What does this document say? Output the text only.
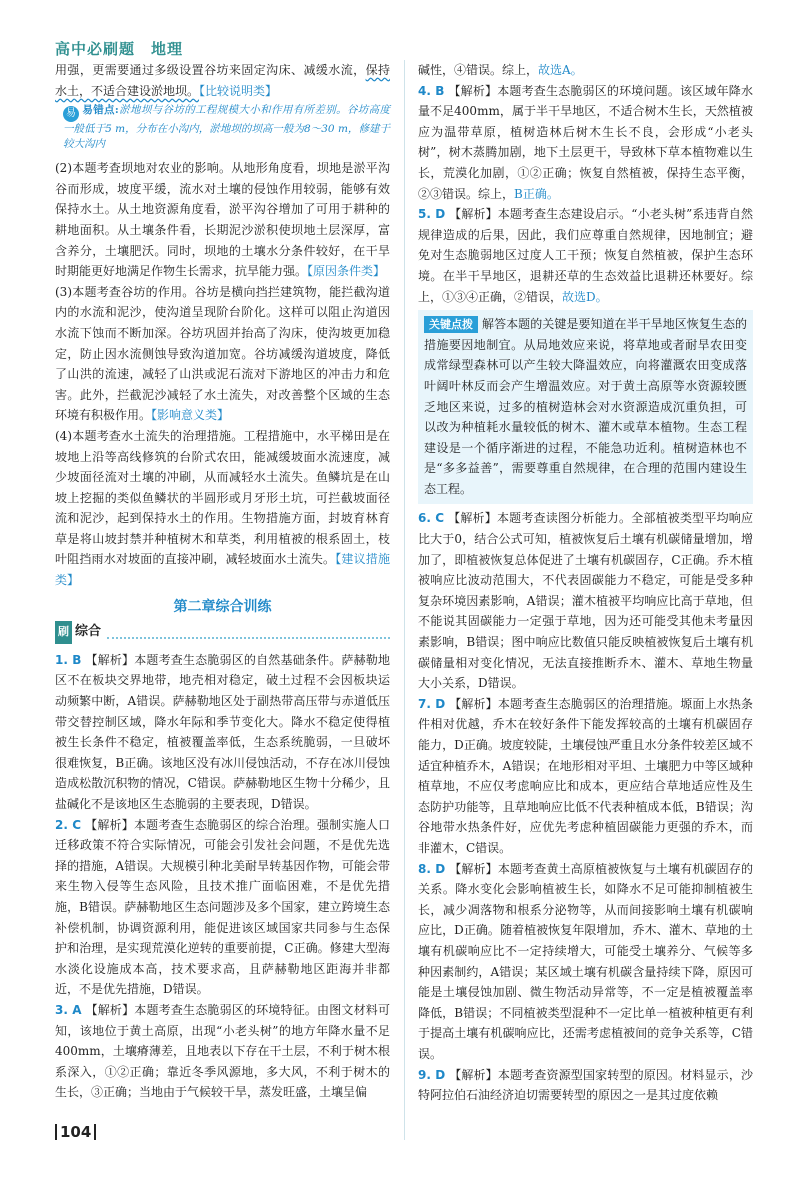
高中必刷题　地理

用强，更需要通过多级设置谷坊来固定沟床、减缓水流，保持水土，不适合建设淤地坝。【比较说明类】

易 易错点:淤地坝与谷坊的工程规模大小和作用有所差别。谷坊高度一般低于5 m，分布在小沟内，淤地坝的坝高一般为8～30 m，修建于较大沟内

(2)本题考查坝地对农业的影响。从地形角度看，坝地是淤平沟谷而形成，坡度平缓，流水对土壤的侵蚀作用较弱，能够有效保持水土。从土地资源角度看，淤平沟谷增加了可用于耕种的耕地面积。从土壤条件看，长期泥沙淤积使坝地土层深厚，富含养分，土壤肥沃。同时，坝地的土壤水分条件较好，在干旱时期能更好地满足作物生长需求，抗旱能力强。【原因条件类】

(3)本题考查谷坊的作用。谷坊是横向挡拦建筑物，能拦截沟道内的水流和泥沙，使沟道呈现阶台阶化。这样可以阻止沟道因水流下蚀而不断加深。谷坊巩固并抬高了沟床，使沟坡更加稳定，防止因水流侧蚀导致沟道加宽。谷坊减缓沟道坡度，降低了山洪的流速，减轻了山洪或泥石流对下游地区的冲击力和危害。此外，拦截泥沙减轻了水土流失，对改善整个区域的生态环境有积极作用。【影响意义类】

(4)本题考查水土流失的治理措施。工程措施中，水平梯田是在坡地上沿等高线修筑的台阶式农田，能减缓坡面水流速度，减少坡面径流对土壤的冲刷，从而减轻水土流失。鱼鳞坑是在山坡上挖掘的类似鱼鳞状的半圆形或月牙形土坑，可拦截坡面径流和泥沙，起到保持水土的作用。生物措施方面，封坡育林育草是将山坡封禁并种植树木和草类，利用植被的根系固土，枝叶阻挡雨水对坡面的直接冲刷，减轻坡面水土流失。【建议措施类】

第二章综合训练
刷 综合

1. B 【解析】本题考查生态脆弱区的自然基础条件。萨赫勒地区不在板块交界地带，地壳相对稳定，破土过程不会因板块运动频繁中断，A错误。萨赫勒地区处于副热带高压带与赤道低压带交替控制区域，降水年际和季节变化大。降水不稳定使得植被生长条件不稳定，植被覆盖率低，生态系统脆弱，一旦破坏很难恢复，B正确。该地区没有冰川侵蚀活动，不存在冰川侵蚀造成松散沉积物的情况，C错误。萨赫勒地区生物十分稀少，且盐碱化不是该地区生态脆弱的主要表现，D错误。

2. C 【解析】本题考查生态脆弱区的综合治理。强制实施人口迁移政策不符合实际情况，可能会引发社会问题，不是优先选择的措施，A错误。大规模引种北美耐旱转基因作物，可能会带来生物入侵等生态风险，且技术推广面临困难，不是优先措施，B错误。萨赫勒地区生态问题涉及多个国家，建立跨境生态补偿机制，协调资源利用，能促进该区域国家共同参与生态保护和治理，是实现荒漠化逆转的重要前提，C正确。修建大型海水淡化设施成本高，技术要求高，且萨赫勒地区距海并非都近，不是优先措施，D错误。

3. A 【解析】本题考查生态脆弱区的环境特征。由图文材料可知，该地位于黄土高原，出现“小老头树”的地方年降水量不足400mm，土壤瘠薄差，且地表以下存在干土层，不利于树木根系深入，①②正确；靠近冬季风源地，多大风，不利于树木的生长，③正确；当地由于气候较干旱，蒸发旺盛，土壤呈偏

碱性，④错误。综上，故选A。

4. B 【解析】本题考查生态脆弱区的环境问题。该区域年降水量不足400mm，属于半干旱地区，不适合树木生长，天然植被应为温带草原，植树造林后树木生长不良，会形成“小老头树”，树木蒸腾加剧，地下土层更干，导致林下草本植物难以生长，荒漠化加剧，①②正确；恢复自然植被，保持生态平衡，②③错误。综上，B正确。

5. D 【解析】本题考查生态建设启示。“小老头树”系违背自然规律造成的后果，因此，我们应尊重自然规律，因地制宜；避免对生态脆弱地区过度人工干预；恢复自然植被，保护生态环境。在半干旱地区，退耕还草的生态效益比退耕还林要好。综上，①③④正确，②错误，故选D。

关键点拨 解答本题的关键是要知道在半干旱地区恢复生态的措施要因地制宜。从局地效应来说，将草地或者耐旱农田变成常绿型森林可以产生较大降温效应，向将灌溉农田变成落叶阔叶林反而会产生增温效应。对于黄土高原等水资源较匮乏地区来说，过多的植树造林会对水资源造成沉重负担，可以改为种植耗水量较低的树木、灌木或草本植物。生态工程建设是一个循序渐进的过程，不能急功近利。植树造林也不是“多多益善”，需要尊重自然规律，在合理的范围内建设生态工程。

6. C 【解析】本题考查读图分析能力。全部植被类型平均响应比大于0，结合公式可知，植被恢复后土壤有机碳储量增加，增加了，即植被恢复总体促进了土壤有机碳固存，C正确。乔木植被响应比波动范围大，不代表固碳能力不稳定，可能是受多种复杂环境因素影响，A错误；灌木植被平均响应比高于草地，但不能说其固碳能力一定强于草地，因为还可能受其他未考量因素影响，B错误；图中响应比数值只能反映植被恢复后土壤有机碳储量相对变化情况，无法直接推断乔木、灌木、草地生物量大小关系，D错误。

7. D 【解析】本题考查生态脆弱区的治理措施。塬面上水热条件相对优越，乔木在较好条件下能发挥较高的土壤有机碳固存能力，D正确。坡度较陡，土壤侵蚀严重且水分条件较差区域不适宜种植乔木，A错误；在地形相对平坦、土壤肥力中等区域种植草地，不应仅考虑响应比和成本，更应结合草地适应性及生态防护功能等，且草地响应比低不代表种植成本低，B错误；沟谷地带水热条件好，应优先考虑种植固碳能力更强的乔木，而非灌木，C错误。

8. D 【解析】本题考查黄土高原植被恢复与土壤有机碳固存的关系。降水变化会影响植被生长，如降水不足可能抑制植被生长，减少凋落物和根系分泌物等，从而间接影响土壤有机碳响应比，D正确。随着植被恢复年限增加，乔木、灌木、草地的土壤有机碳响应比不一定持续增大，可能受土壤养分、气候等多种因素制约，A错误；某区域土壤有机碳含量持续下降，原因可能是土壤侵蚀加剧、微生物活动异常等，不一定是植被覆盖率降低，B错误；不同植被类型混种不一定比单一植被种植更有利于提高土壤有机碳响应比，还需考虑植被间的竞争关系等，C错误。

9. D 【解析】本题考查资源型国家转型的原因。材料显示，沙特阿拉伯石油经济迫切需要转型的原因之一是其过度依赖

104
